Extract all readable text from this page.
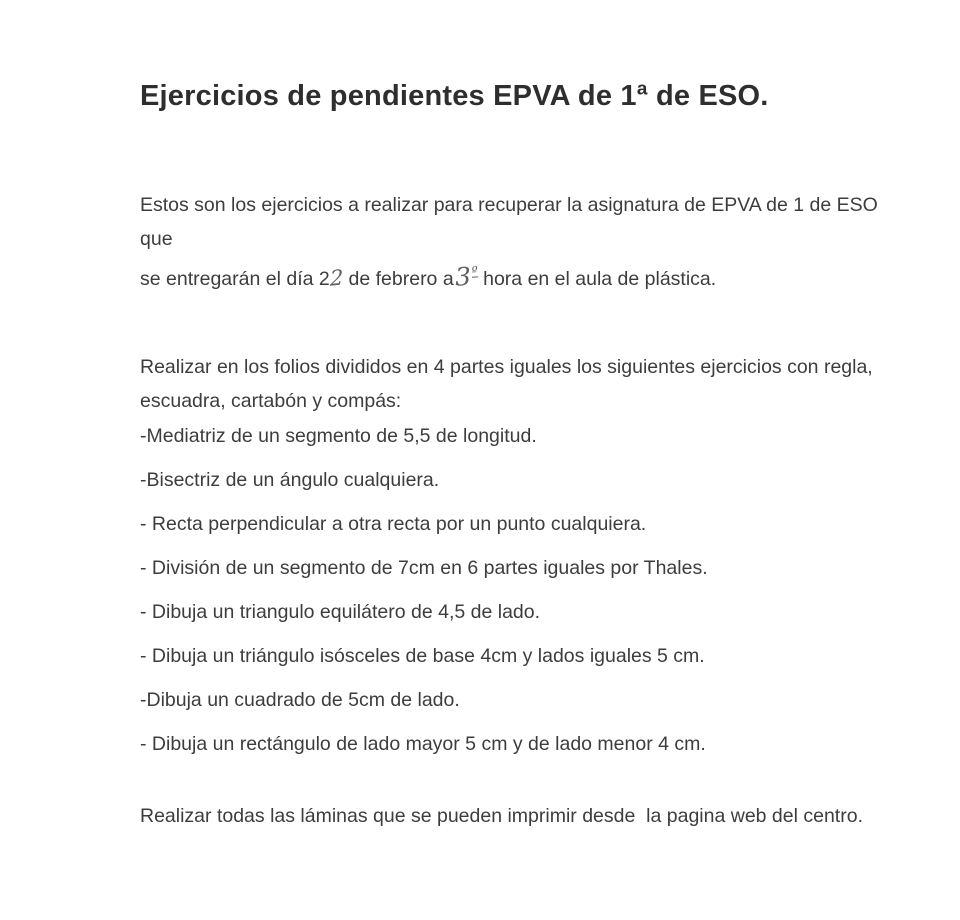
Ejercicios de pendientes EPVA de 1ª de ESO.

Estos son los ejercicios a realizar para recuperar la asignatura de EPVA de 1 de ESO que
se entregarán el día 22 de febrero $a3^º$ hora en el aula de plástica.

Realizar en los folios divididos en 4 partes iguales los siguientes ejercicios con regla,
escuadra, cartabón y compás:

-Mediatriz de un segmento de 5,5 de longitud.
-Bisectriz de un ángulo cualquiera.
- Recta perpendicular a otra recta por un punto cualquiera.
- División de un segmento de 7cm en 6 partes iguales por Thales.
- Dibuja un triangulo equilátero de 4,5 de lado.
- Dibuja un triángulo isósceles de base 4cm y lados iguales 5 cm.
-Dibuja un cuadrado de 5cm de lado.
- Dibuja un rectángulo de lado mayor 5 cm y de lado menor 4 cm.

Realizar todas las láminas que se pueden imprimir desde  la pagina web del centro.
